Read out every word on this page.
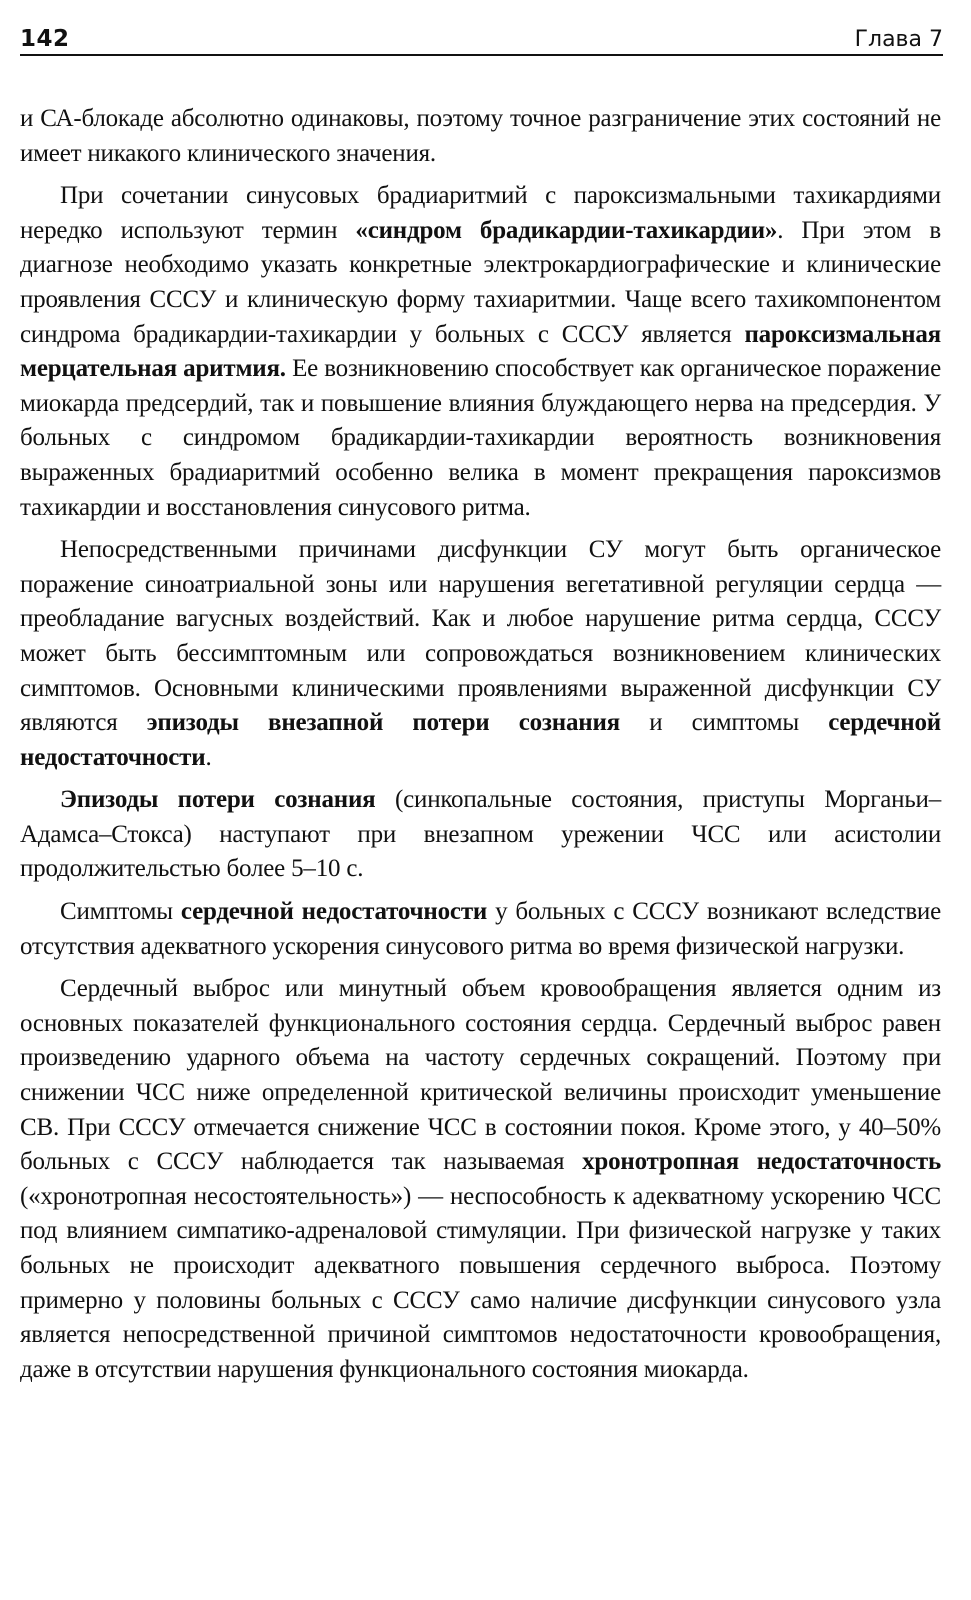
142	Глава 7

и СА-блокаде абсолютно одинаковы, поэтому точное разграничение этих состояний не имеет никакого клинического значения.

При сочетании синусовых брадиаритмий с пароксизмальными тахикардиями нередко используют термин «синдром брадикардии-тахикардии». При этом в диагнозе необходимо указать конкретные электрокардиографические и клинические проявления СССУ и клиническую форму тахиаритмии. Чаще всего тахикомпонентом синдрома брадикардии-тахикардии у больных с СССУ является пароксизмальная мерцательная аритмия. Ее возникновению способствует как органическое поражение миокарда предсердий, так и повышение влияния блуждающего нерва на предсердия. У больных с синдромом брадикардии-тахикардии вероятность возникновения выраженных брадиаритмий особенно велика в момент прекращения пароксизмов тахикардии и восстановления синусового ритма.

Непосредственными причинами дисфункции СУ могут быть органическое поражение синоатриальной зоны или нарушения вегетативной регуляции сердца — преобладание вагусных воздействий. Как и любое нарушение ритма сердца, СССУ может быть бессимптомным или сопровождаться возникновением клинических симптомов. Основными клиническими проявлениями выраженной дисфункции СУ являются эпизоды внезапной потери сознания и симптомы сердечной недостаточности.

Эпизоды потери сознания (синкопальные состояния, приступы Морганьи–Адамса–Стокса) наступают при внезапном урежении ЧСС или асистолии продолжительстью более 5–10 с.

Симптомы сердечной недостаточности у больных с СССУ возникают вследствие отсутствия адекватного ускорения синусового ритма во время физической нагрузки.

Сердечный выброс или минутный объем кровообращения является одним из основных показателей функционального состояния сердца. Сердечный выброс равен произведению ударного объема на частоту сердечных сокращений. Поэтому при снижении ЧСС ниже определенной критической величины происходит уменьшение СВ. При СССУ отмечается снижение ЧСС в состоянии покоя. Кроме этого, у 40–50% больных с СССУ наблюдается так называемая хронотропная недостаточность («хронотропная несостоятельность») — неспособность к адекватному ускорению ЧСС под влиянием симпатико-адреналовой стимуляции. При физической нагрузке у таких больных не происходит адекватного повышения сердечного выброса. Поэтому примерно у половины больных с СССУ само наличие дисфункции синусового узла является непосредственной причиной симптомов недостаточности кровообращения, даже в отсутствии нарушения функционального состояния миокарда.
